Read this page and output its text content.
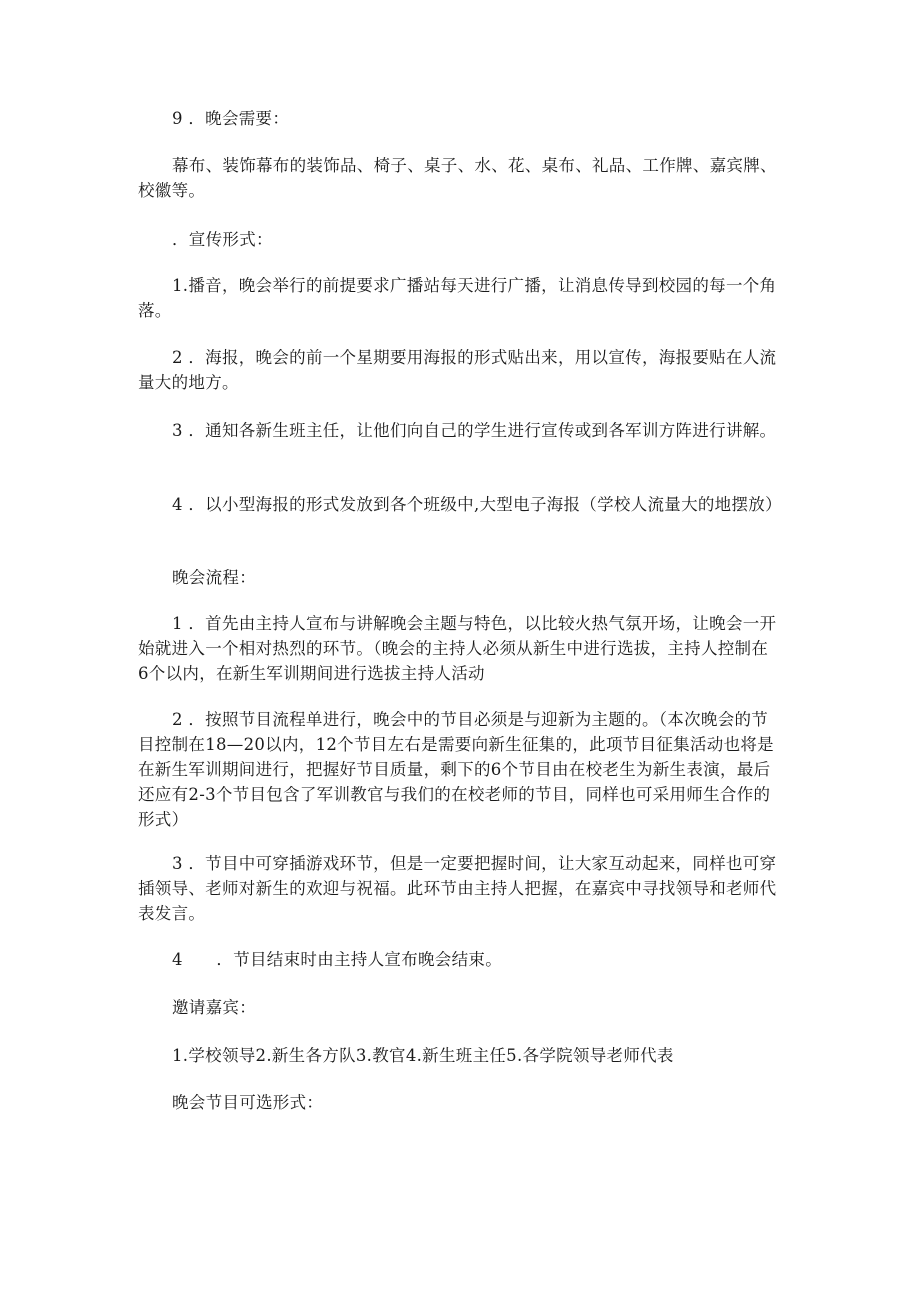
9 ．晚会需要：

幕布、装饰幕布的装饰品、椅子、桌子、水、花、桌布、礼品、工作牌、嘉宾牌、校徽等。

．宣传形式：

1.播音，晚会举行的前提要求广播站每天进行广播，让消息传导到校园的每一个角落。

2 ．海报，晚会的前一个星期要用海报的形式贴出来，用以宣传，海报要贴在人流量大的地方。

3 ．通知各新生班主任，让他们向自己的学生进行宣传或到各军训方阵进行讲解。

4 ．以小型海报的形式发放到各个班级中,大型电子海报（学校人流量大的地摆放）

晚会流程：

1 ．首先由主持人宣布与讲解晚会主题与特色，以比较火热气氛开场，让晚会一开始就进入一个相对热烈的环节。（晚会的主持人必须从新生中进行选拔，主持人控制在6个以内，在新生军训期间进行选拔主持人活动

2 ．按照节目流程单进行，晚会中的节目必须是与迎新为主题的。（本次晚会的节目控制在18—20以内，12个节目左右是需要向新生征集的，此项节目征集活动也将是在新生军训期间进行，把握好节目质量，剩下的6个节目由在校老生为新生表演，最后还应有2-3个节目包含了军训教官与我们的在校老师的节目，同样也可采用师生合作的形式）

3 ．节目中可穿插游戏环节，但是一定要把握时间，让大家互动起来，同样也可穿插领导、老师对新生的欢迎与祝福。此环节由主持人把握，在嘉宾中寻找领导和老师代表发言。

4　　．节目结束时由主持人宣布晚会结束。

邀请嘉宾：

1.学校领导2.新生各方队3.教官4.新生班主任5.各学院领导老师代表

晚会节目可选形式：
